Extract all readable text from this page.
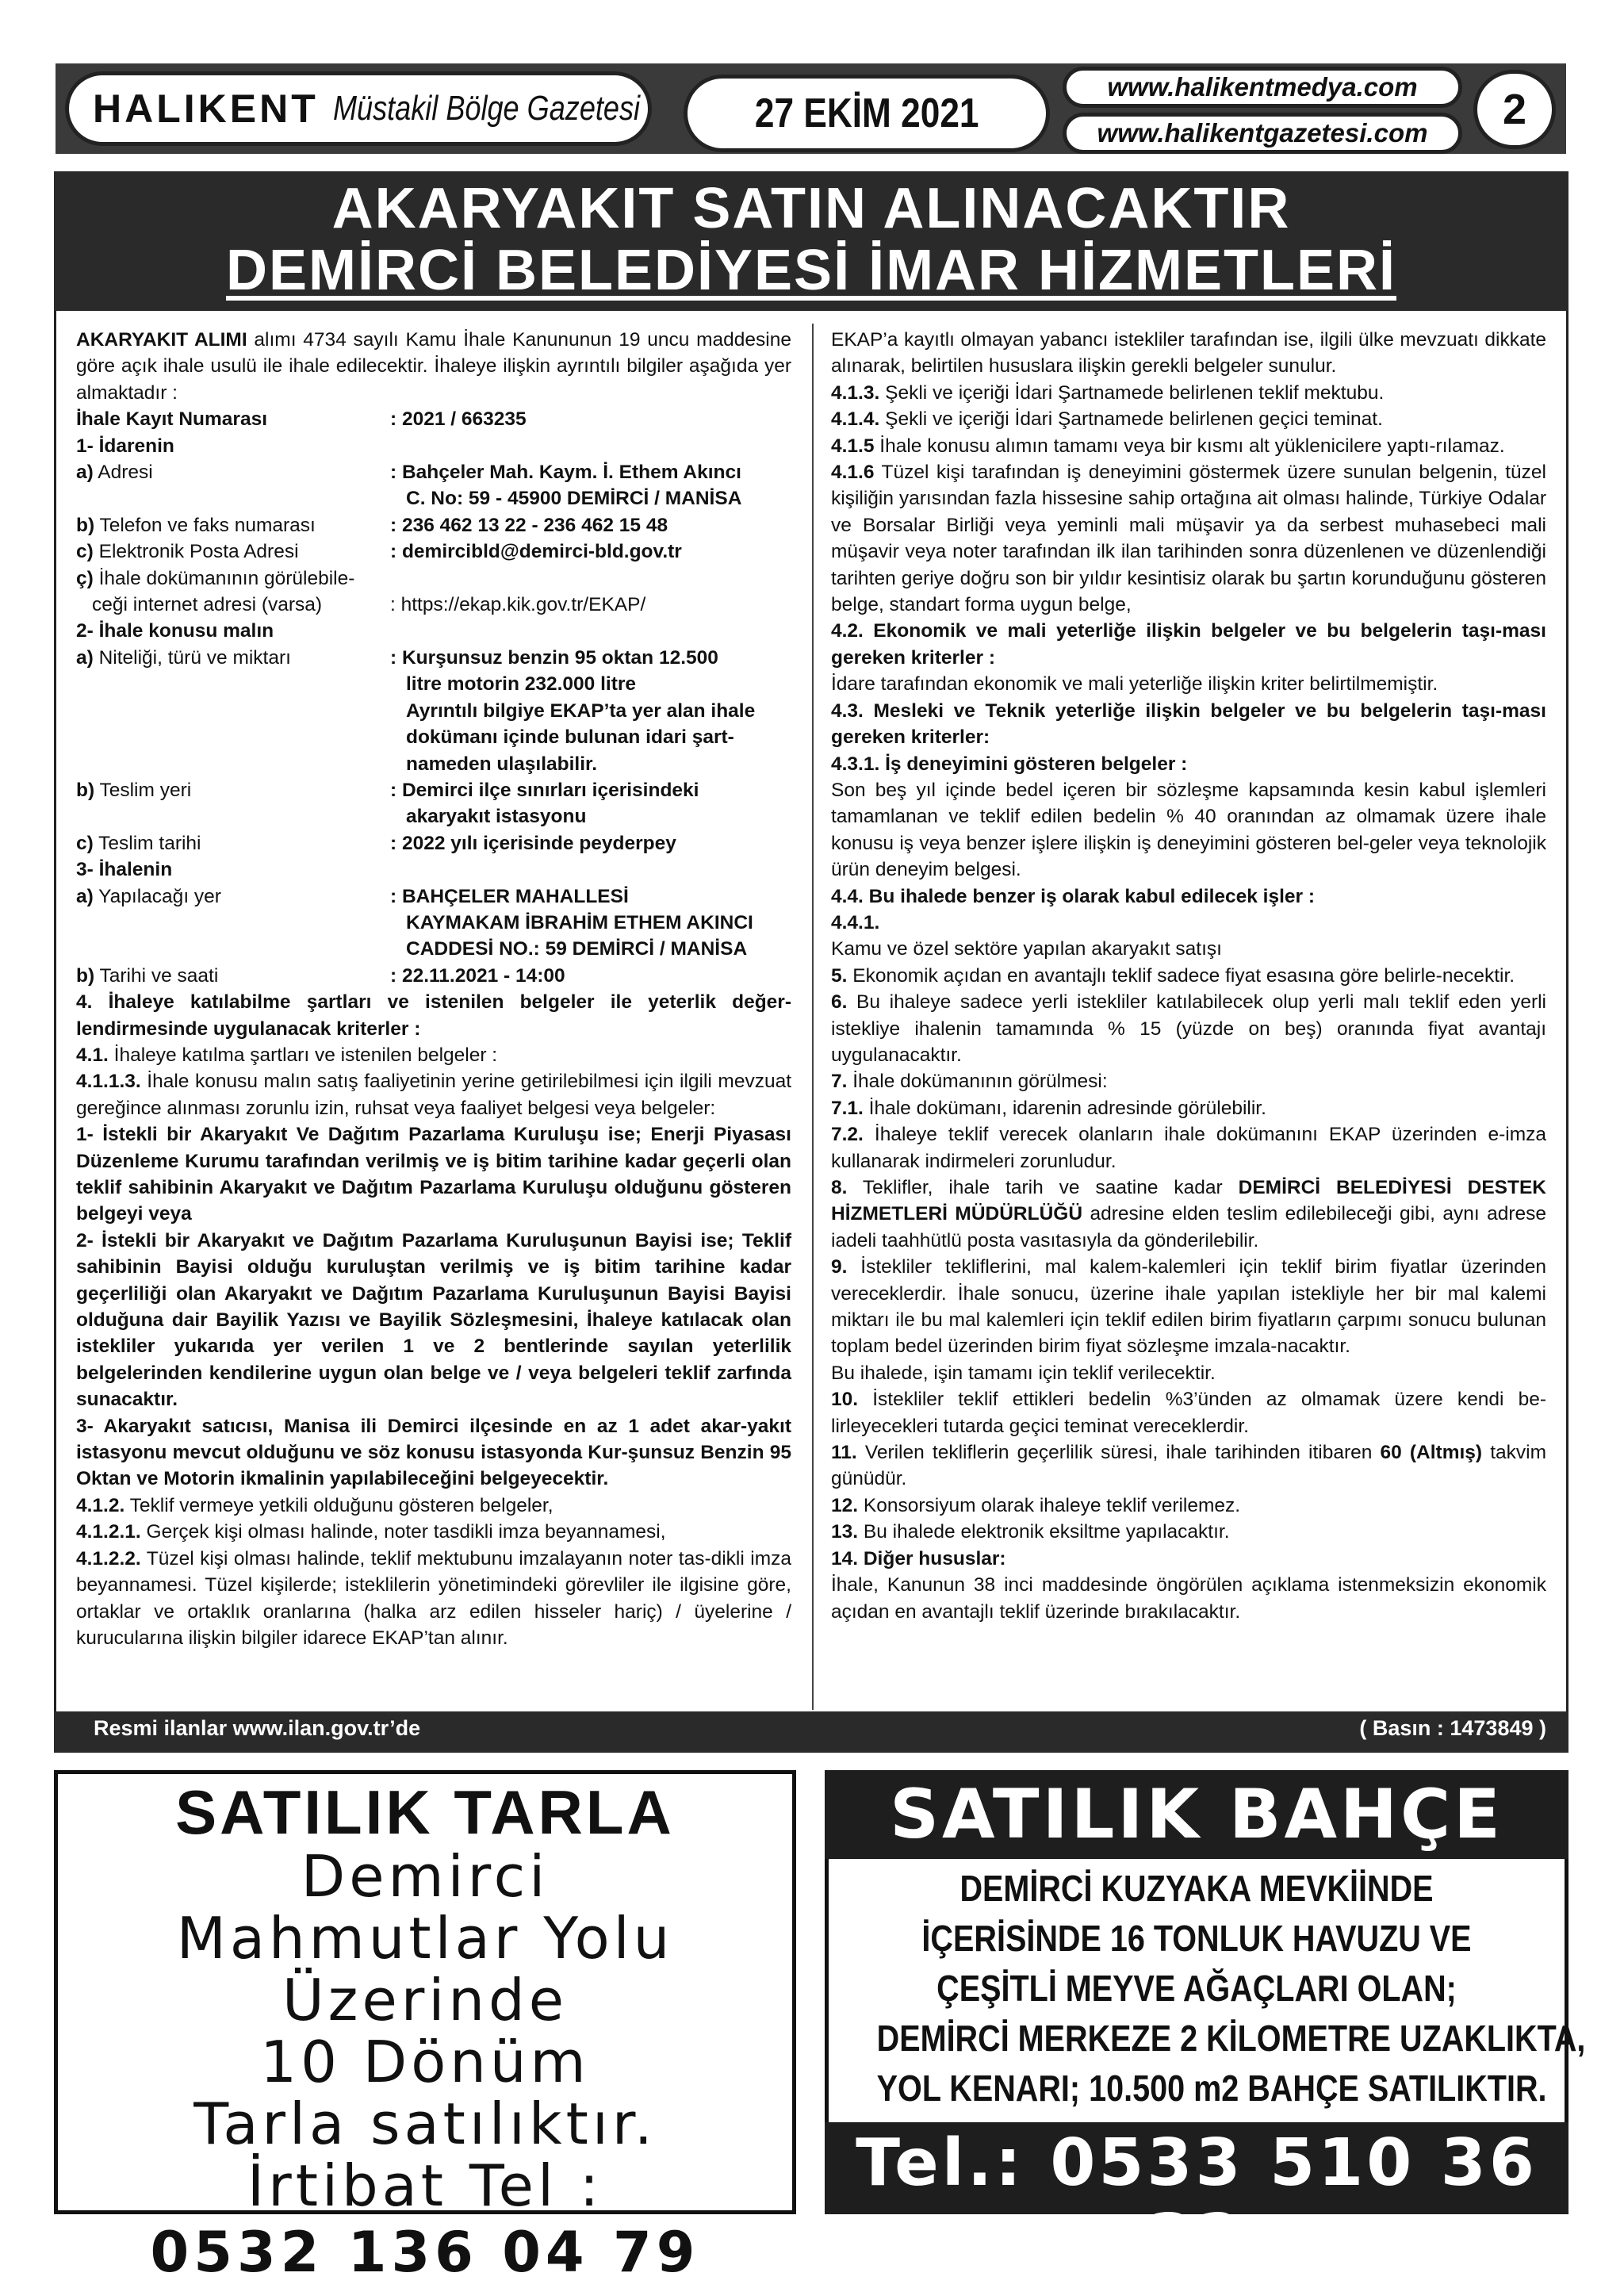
HALIKENT Müstakil Bölge Gazetesi	27 EKİM 2021
www.halikentmedya.com
www.halikentgazetesi.com 2
AKARYAKIT SATIN ALINACAKTIR
DEMİRCİ BELEDİYESİ İMAR HİZMETLERİ

AKARYAKIT ALIMI alımı 4734 sayılı Kamu İhale Kanununun 19 uncu maddesine göre açık ihale usulü ile ihale edilecektir. İhaleye ilişkin ayrıntılı bilgiler aşağıda yer almaktadır :

İhale Kayıt Numarası	: 2021 / 663235

1- İdarenin

a) Adresi	: Bahçeler Mah. Kaym. İ. Ethem Akıncı
C. No: 59 - 45900 DEMİRCİ / MANİSA
b) Telefon ve faks numarası	: 236 462 13 22 - 236 462 15 48
c) Elektronik Posta Adresi	: demircibld@demirci-bld.gov.tr
ç) İhale dokümanının görülebile-
ceği internet adresi (varsa)	: https://ekap.kik.gov.tr/EKAP/

2- İhale konusu malın

a) Niteliği, türü ve miktarı	: Kurşunsuz benzin 95 oktan 12.500
litre motorin 232.000 litre
Ayrıntılı bilgiye EKAP’ta yer alan ihale
dokümanı içinde bulunan idari şart-
nameden ulaşılabilir.
b) Teslim yeri	: Demirci ilçe sınırları içerisindeki
akaryakıt istasyonu
c) Teslim tarihi	: 2022 yılı içerisinde peyderpey

3- İhalenin

a) Yapılacağı yer	: BAHÇELER MAHALLESİ
KAYMAKAM İBRAHİM ETHEM AKINCI
CADDESİ NO.: 59 DEMİRCİ / MANİSA
b) Tarihi ve saati	: 22.11.2021 - 14:00

4. İhaleye katılabilme şartları ve istenilen belgeler ile yeterlik değer-lendirmesinde uygulanacak kriterler :

4.1. İhaleye katılma şartları ve istenilen belgeler :

4.1.1.3. İhale konusu malın satış faaliyetinin yerine getirilebilmesi için ilgili mevzuat gereğince alınması zorunlu izin, ruhsat veya faaliyet belgesi veya belgeler:

1- İstekli bir Akaryakıt Ve Dağıtım Pazarlama Kuruluşu ise; Enerji Piyasası Düzenleme Kurumu tarafından verilmiş ve iş bitim tarihine kadar geçerli olan teklif sahibinin Akaryakıt ve Dağıtım Pazarlama Kuruluşu olduğunu gösteren belgeyi veya

2- İstekli bir Akaryakıt ve Dağıtım Pazarlama Kuruluşunun Bayisi ise; Teklif sahibinin Bayisi olduğu kuruluştan verilmiş ve iş bitim tarihine kadar geçerliliği olan Akaryakıt ve Dağıtım Pazarlama Kuruluşunun Bayisi Bayisi olduğuna dair Bayilik Yazısı ve Bayilik Sözleşmesini, İhaleye katılacak olan istekliler yukarıda yer verilen 1 ve 2 bentlerinde sayılan yeterlilik belgelerinden kendilerine uygun olan belge ve / veya belgeleri teklif zarfında sunacaktır.

3- Akaryakıt satıcısı, Manisa ili Demirci ilçesinde en az 1 adet akar-yakıt istasyonu mevcut olduğunu ve söz konusu istasyonda Kur-şunsuz Benzin 95 Oktan ve Motorin ikmalinin yapılabileceğini belgeyecektir.

4.1.2. Teklif vermeye yetkili olduğunu gösteren belgeler,

4.1.2.1. Gerçek kişi olması halinde, noter tasdikli imza beyannamesi,

4.1.2.2. Tüzel kişi olması halinde, teklif mektubunu imzalayanın noter tas-dikli imza beyannamesi. Tüzel kişilerde; isteklilerin yönetimindeki görevliler ile ilgisine göre, ortaklar ve ortaklık oranlarına (halka arz edilen hisseler hariç) / üyelerine / kurucularına ilişkin bilgiler idarece EKAP’tan alınır.

EKAP’a kayıtlı olmayan yabancı istekliler tarafından ise, ilgili ülke mevzuatı dikkate alınarak, belirtilen hususlara ilişkin gerekli belgeler sunulur.

4.1.3. Şekli ve içeriği İdari Şartnamede belirlenen teklif mektubu.

4.1.4. Şekli ve içeriği İdari Şartnamede belirlenen geçici teminat.

4.1.5 İhale konusu alımın tamamı veya bir kısmı alt yüklenicilere yaptı-rılamaz.

4.1.6 Tüzel kişi tarafından iş deneyimini göstermek üzere sunulan belgenin, tüzel kişiliğin yarısından fazla hissesine sahip ortağına ait olması halinde, Türkiye Odalar ve Borsalar Birliği veya yeminli mali müşavir ya da serbest muhasebeci mali müşavir veya noter tarafından ilk ilan tarihinden sonra düzenlenen ve düzenlendiği tarihten geriye doğru son bir yıldır kesintisiz olarak bu şartın korunduğunu gösteren belge, standart forma uygun belge,

4.2. Ekonomik ve mali yeterliğe ilişkin belgeler ve bu belgelerin taşı-ması gereken kriterler :

İdare tarafından ekonomik ve mali yeterliğe ilişkin kriter belirtilmemiştir.

4.3. Mesleki ve Teknik yeterliğe ilişkin belgeler ve bu belgelerin taşı-ması gereken kriterler:

4.3.1. İş deneyimini gösteren belgeler :

Son beş yıl içinde bedel içeren bir sözleşme kapsamında kesin kabul işlemleri tamamlanan ve teklif edilen bedelin % 40 oranından az olmamak üzere ihale konusu iş veya benzer işlere ilişkin iş deneyimini gösteren bel-geler veya teknolojik ürün deneyim belgesi.

4.4. Bu ihalede benzer iş olarak kabul edilecek işler :

4.4.1.

Kamu ve özel sektöre yapılan akaryakıt satışı

5. Ekonomik açıdan en avantajlı teklif sadece fiyat esasına göre belirle-necektir.

6. Bu ihaleye sadece yerli istekliler katılabilecek olup yerli malı teklif eden yerli istekliye ihalenin tamamında % 15 (yüzde on beş) oranında fiyat avantajı uygulanacaktır.

7. İhale dokümanının görülmesi:

7.1. İhale dokümanı, idarenin adresinde görülebilir.

7.2. İhaleye teklif verecek olanların ihale dokümanını EKAP üzerinden e-imza kullanarak indirmeleri zorunludur.

8. Teklifler, ihale tarih ve saatine kadar DEMİRCİ BELEDİYESİ DESTEK HİZMETLERİ MÜDÜRLÜĞÜ adresine elden teslim edilebileceği gibi, aynı adrese iadeli taahhütlü posta vasıtasıyla da gönderilebilir.

9. İstekliler tekliflerini, mal kalem-kalemleri için teklif birim fiyatlar üzerinden vereceklerdir. İhale sonucu, üzerine ihale yapılan istekliyle her bir mal kalemi miktarı ile bu mal kalemleri için teklif edilen birim fiyatların çarpımı sonucu bulunan toplam bedel üzerinden birim fiyat sözleşme imzala-nacaktır.

Bu ihalede, işin tamamı için teklif verilecektir.

10. İstekliler teklif ettikleri bedelin %3’ünden az olmamak üzere kendi be-lirleyecekleri tutarda geçici teminat vereceklerdir.

11. Verilen tekliflerin geçerlilik süresi, ihale tarihinden itibaren 60 (Altmış) takvim günüdür.

12. Konsorsiyum olarak ihaleye teklif verilemez.

13. Bu ihalede elektronik eksiltme yapılacaktır.

14. Diğer hususlar:

İhale, Kanunun 38 inci maddesinde öngörülen açıklama istenmeksizin ekonomik açıdan en avantajlı teklif üzerinde bırakılacaktır.

Resmi ilanlar www.ilan.gov.tr’de	( Basın : 1473849 )
SATILIK TARLA
Demirci
Mahmutlar Yolu
Üzerinde
10 Dönüm
Tarla satılıktır.
İrtibat Tel :
0532 136 04 79
SATILIK BAHÇE
DEMİRCİ KUZYAKA MEVKİİNDE
İÇERİSİNDE 16 TONLUK HAVUZU VE
ÇEŞİTLİ MEYVE AĞAÇLARI OLAN;
DEMİRCİ MERKEZE 2 KİLOMETRE UZAKLIKTA,
YOL KENARI; 10.500 m2 BAHÇE SATILIKTIR.
Tel.: 0533 510 36 32
